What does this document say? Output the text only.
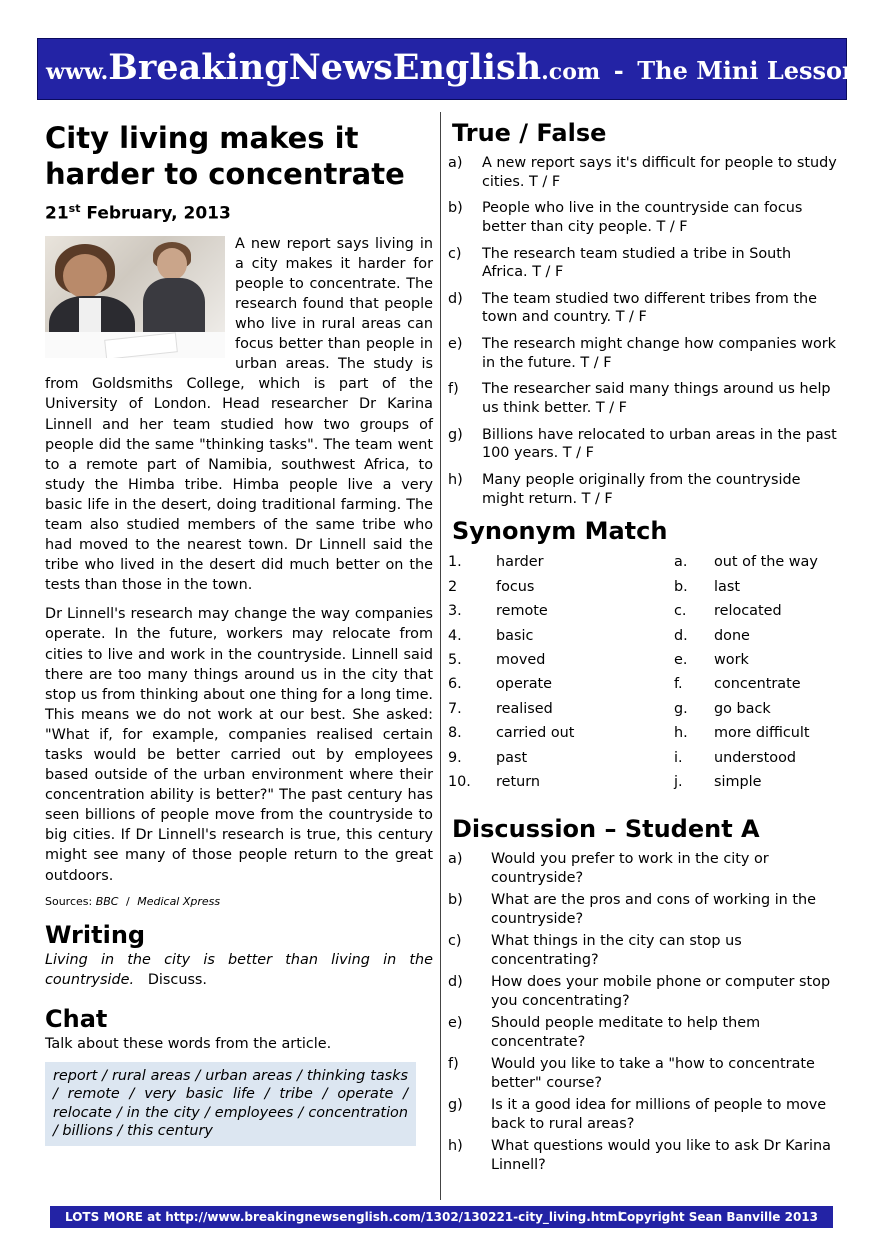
www.BreakingNewsEnglish.com - The Mini Lesson
City living makes it harder to concentrate
21st February, 2013

A new report says living in a city makes it harder for people to concentrate. The research found that people who live in rural areas can focus better than people in urban areas. The study is from Goldsmiths College, which is part of the University of London. Head researcher Dr Karina Linnell and her team studied how two groups of people did the same "thinking tasks". The team went to a remote part of Namibia, southwest Africa, to study the Himba tribe. Himba people live a very basic life in the desert, doing traditional farming. The team also studied members of the same tribe who had moved to the nearest town. Dr Linnell said the tribe who lived in the desert did much better on the tests than those in the town.

Dr Linnell's research may change the way companies operate. In the future, workers may relocate from cities to live and work in the countryside. Linnell said there are too many things around us in the city that stop us from thinking about one thing for a long time. This means we do not work at our best. She asked: "What if, for example, companies realised certain tasks would be better carried out by employees based outside of the urban environment where their concentration ability is better?" The past century has seen billions of people move from the countryside to big cities. If Dr Linnell's research is true, this century might see many of those people return to the great outdoors.

Sources: BBC / Medical Xpress
Writing
Living in the city is better than living in the countryside. Discuss.
Chat
Talk about these words from the article.
report / rural areas / urban areas / thinking tasks / remote / very basic life / tribe / operate / relocate / in the city / employees / concentration / billions / this century
True / False
a) A new report says it's difficult for people to study cities. T / F
b) People who live in the countryside can focus better than city people. T / F
c) The research team studied a tribe in South Africa. T / F
d) The team studied two different tribes from the town and country. T / F
e) The research might change how companies work in the future. T / F
f) The researcher said many things around us help us think better. T / F
g) Billions have relocated to urban areas in the past 100 years. T / F
h) Many people originally from the countryside might return. T / F
Synonym Match
1. harder	a. out of the way
2	focus	b. last
3. remote	c. relocated
4. basic	d. done
5. moved	e. work
6. operate	f. concentrate
7. realised	g. go back
8. carried out	h. more difficult
9. past	i. understood
10. return	j. simple
Discussion – Student A
a) Would you prefer to work in the city or countryside?
b) What are the pros and cons of working in the countryside?
c) What things in the city can stop us concentrating?
d) How does your mobile phone or computer stop you concentrating?
e) Should people meditate to help them concentrate?
f) Would you like to take a "how to concentrate better" course?
g) Is it a good idea for millions of people to move back to rural areas?
h) What questions would you like to ask Dr Karina Linnell?
LOTS MORE at http://www.breakingnewsenglish.com/1302/130221-city_living.html
Copyright Sean Banville 2013
